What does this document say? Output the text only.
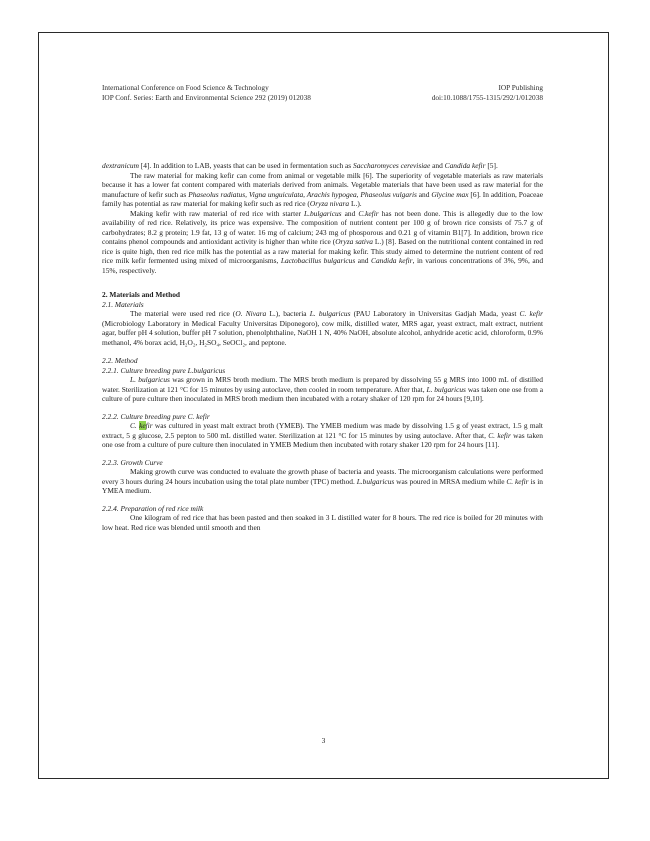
International Conference on Food Science & Technology	IOP Publishing
IOP Conf. Series: Earth and Environmental Science 292 (2019) 012038	doi:10.1088/1755-1315/292/1/012038

dextranicum [4]. In addition to LAB, yeasts that can be used in fermentation such as Saccharomyces cerevisiae and Candida kefir [5].

The raw material for making kefir can come from animal or vegetable milk [6]. The superiority of vegetable materials as raw materials because it has a lower fat content compared with materials derived from animals. Vegetable materials that have been used as raw material for the manufacture of kefir such as Phaseolus radiatus, Vigna unguiculata, Arachis hypogea, Phaseolus vulgaris and Glycine max [6]. In addition, Poaceae family has potential as raw material for making kefir such as red rice (Oryza nivara L.).

Making kefir with raw material of red rice with starter L.bulgaricus and C.kefir has not been done. This is allegedly due to the low availability of red rice. Relatively, its price was expensive. The composition of nutrient content per 100 g of brown rice consists of 75.7 g of carbohydrates; 8.2 g protein; 1.9 fat, 13 g of water. 16 mg of calcium; 243 mg of phosporous and 0.21 g of vitamin B1[7]. In addition, brown rice contains phenol compounds and antioxidant activity is higher than white rice (Oryza sativa L.) [8]. Based on the nutritional content contained in red rice is quite high, then red rice milk has the potential as a raw material for making kefir. This study aimed to determine the nutrient content of red rice milk kefir fermented using mixed of microorganisms, Lactobacillus bulgaricus and Candida kefir, in various concentrations of 3%, 9%, and 15%, respectively.

2. Materials and Method

2.1. Materials

The material were used red rice (O. Nivara L.), bacteria L. bulgaricus (PAU Laboratory in Universitas Gadjah Mada, yeast C. kefir (Microbiology Laboratory in Medical Faculty Universitas Diponegoro), cow milk, distilled water, MRS agar, yeast extract, malt extract, nutrient agar, buffer pH 4 solution, buffer pH 7 solution, phenolphthaline, NaOH 1 N, 40% NaOH, absolute alcohol, anhydride acetic acid, chloroform, 0.9% methanol, 4% borax acid, H₂O₂, H₂SO₄, SeOCl₂, and peptone.

2.2. Method

2.2.1. Culture breeding pure L.bulgaricus

L. bulgaricus was grown in MRS broth medium. The MRS broth medium is prepared by dissolving 55 g MRS into 1000 mL of distilled water. Sterilization at 121 °C for 15 minutes by using autoclave, then cooled in room temperature. After that, L. bulgaricus was taken one ose from a culture of pure culture then inoculated in MRS broth medium then incubated with a rotary shaker of 120 rpm for 24 hours [9,10].

2.2.2. Culture breeding pure C. kefir

C. kefir was cultured in yeast malt extract broth (YMEB). The YMEB medium was made by dissolving 1.5 g of yeast extract, 1.5 g malt extract, 5 g glucose, 2.5 pepton to 500 mL distilled water. Sterilization at 121 °C for 15 minutes by using autoclave. After that, C. kefir was taken one ose from a culture of pure culture then inoculated in YMEB Medium then incubated with rotary shaker 120 rpm for 24 hours [11].

2.2.3. Growth Curve

Making growth curve was conducted to evaluate the growth phase of bacteria and yeasts. The microorganism calculations were performed every 3 hours during 24 hours incubation using the total plate number (TPC) method. L.bulgaricus was poured in MRSA medium while C. kefir is in YMEA medium.

2.2.4. Preparation of red rice milk

One kilogram of red rice that has been pasted and then soaked in 3 L distilled water for 8 hours. The red rice is boiled for 20 minutes with low heat. Red rice was blended until smooth and then

3
